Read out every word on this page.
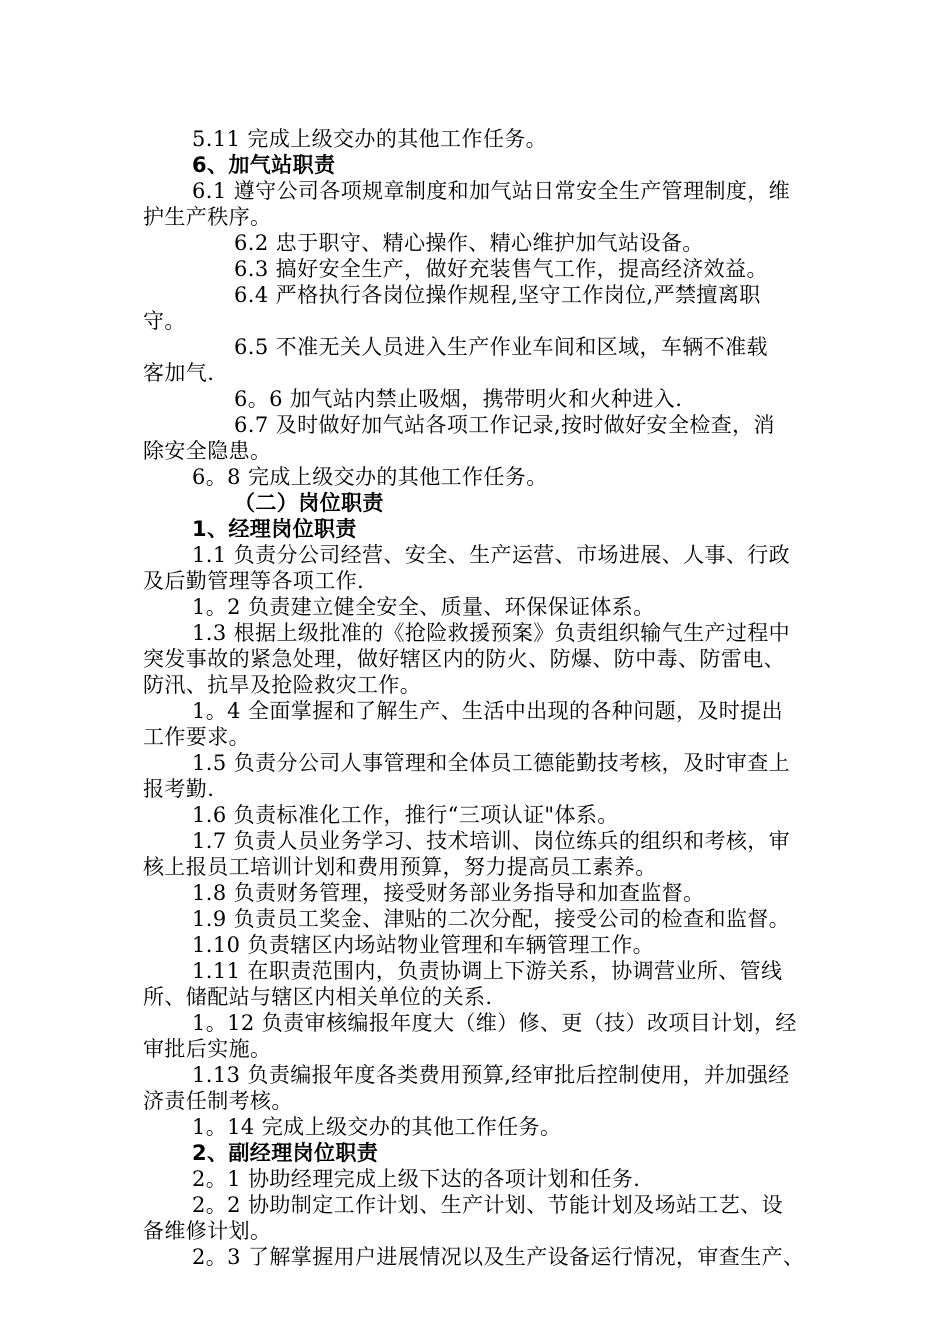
5.11 完成上级交办的其他工作任务。
6、加气站职责
6.1 遵守公司各项规章制度和加气站日常安全生产管理制度，维
护生产秩序。
6.2 忠于职守、精心操作、精心维护加气站设备。
6.3 搞好安全生产，做好充装售气工作，提高经济效益。
6.4 严格执行各岗位操作规程,坚守工作岗位,严禁擅离职
守。
6.5 不准无关人员进入生产作业车间和区域，车辆不准载
客加气.
6。6 加气站内禁止吸烟，携带明火和火种进入.
6.7 及时做好加气站各项工作记录,按时做好安全检查，消
除安全隐患。
6。8 完成上级交办的其他工作任务。
（二）岗位职责
1、经理岗位职责
1.1 负责分公司经营、安全、生产运营、市场进展、人事、行政
及后勤管理等各项工作.
1。2 负责建立健全安全、质量、环保保证体系。
1.3 根据上级批准的《抢险救援预案》负责组织输气生产过程中
突发事故的紧急处理，做好辖区内的防火、防爆、防中毒、防雷电、
防汛、抗旱及抢险救灾工作。
1。4 全面掌握和了解生产、生活中出现的各种问题，及时提出
工作要求。
1.5 负责分公司人事管理和全体员工德能勤技考核，及时审查上
报考勤.
1.6 负责标准化工作，推行“三项认证"体系。
1.7 负责人员业务学习、技术培训、岗位练兵的组织和考核，审
核上报员工培训计划和费用预算，努力提高员工素养。
1.8 负责财务管理，接受财务部业务指导和加查监督。
1.9 负责员工奖金、津贴的二次分配，接受公司的检查和监督。
1.10 负责辖区内场站物业管理和车辆管理工作。
1.11 在职责范围内，负责协调上下游关系，协调营业所、管线
所、储配站与辖区内相关单位的关系.
1。12 负责审核编报年度大（维）修、更（技）改项目计划，经
审批后实施。
1.13 负责编报年度各类费用预算,经审批后控制使用，并加强经
济责任制考核。
1。14 完成上级交办的其他工作任务。
2、副经理岗位职责
2。1 协助经理完成上级下达的各项计划和任务.
2。2 协助制定工作计划、生产计划、节能计划及场站工艺、设
备维修计划。
2。3 了解掌握用户进展情况以及生产设备运行情况，审查生产、
